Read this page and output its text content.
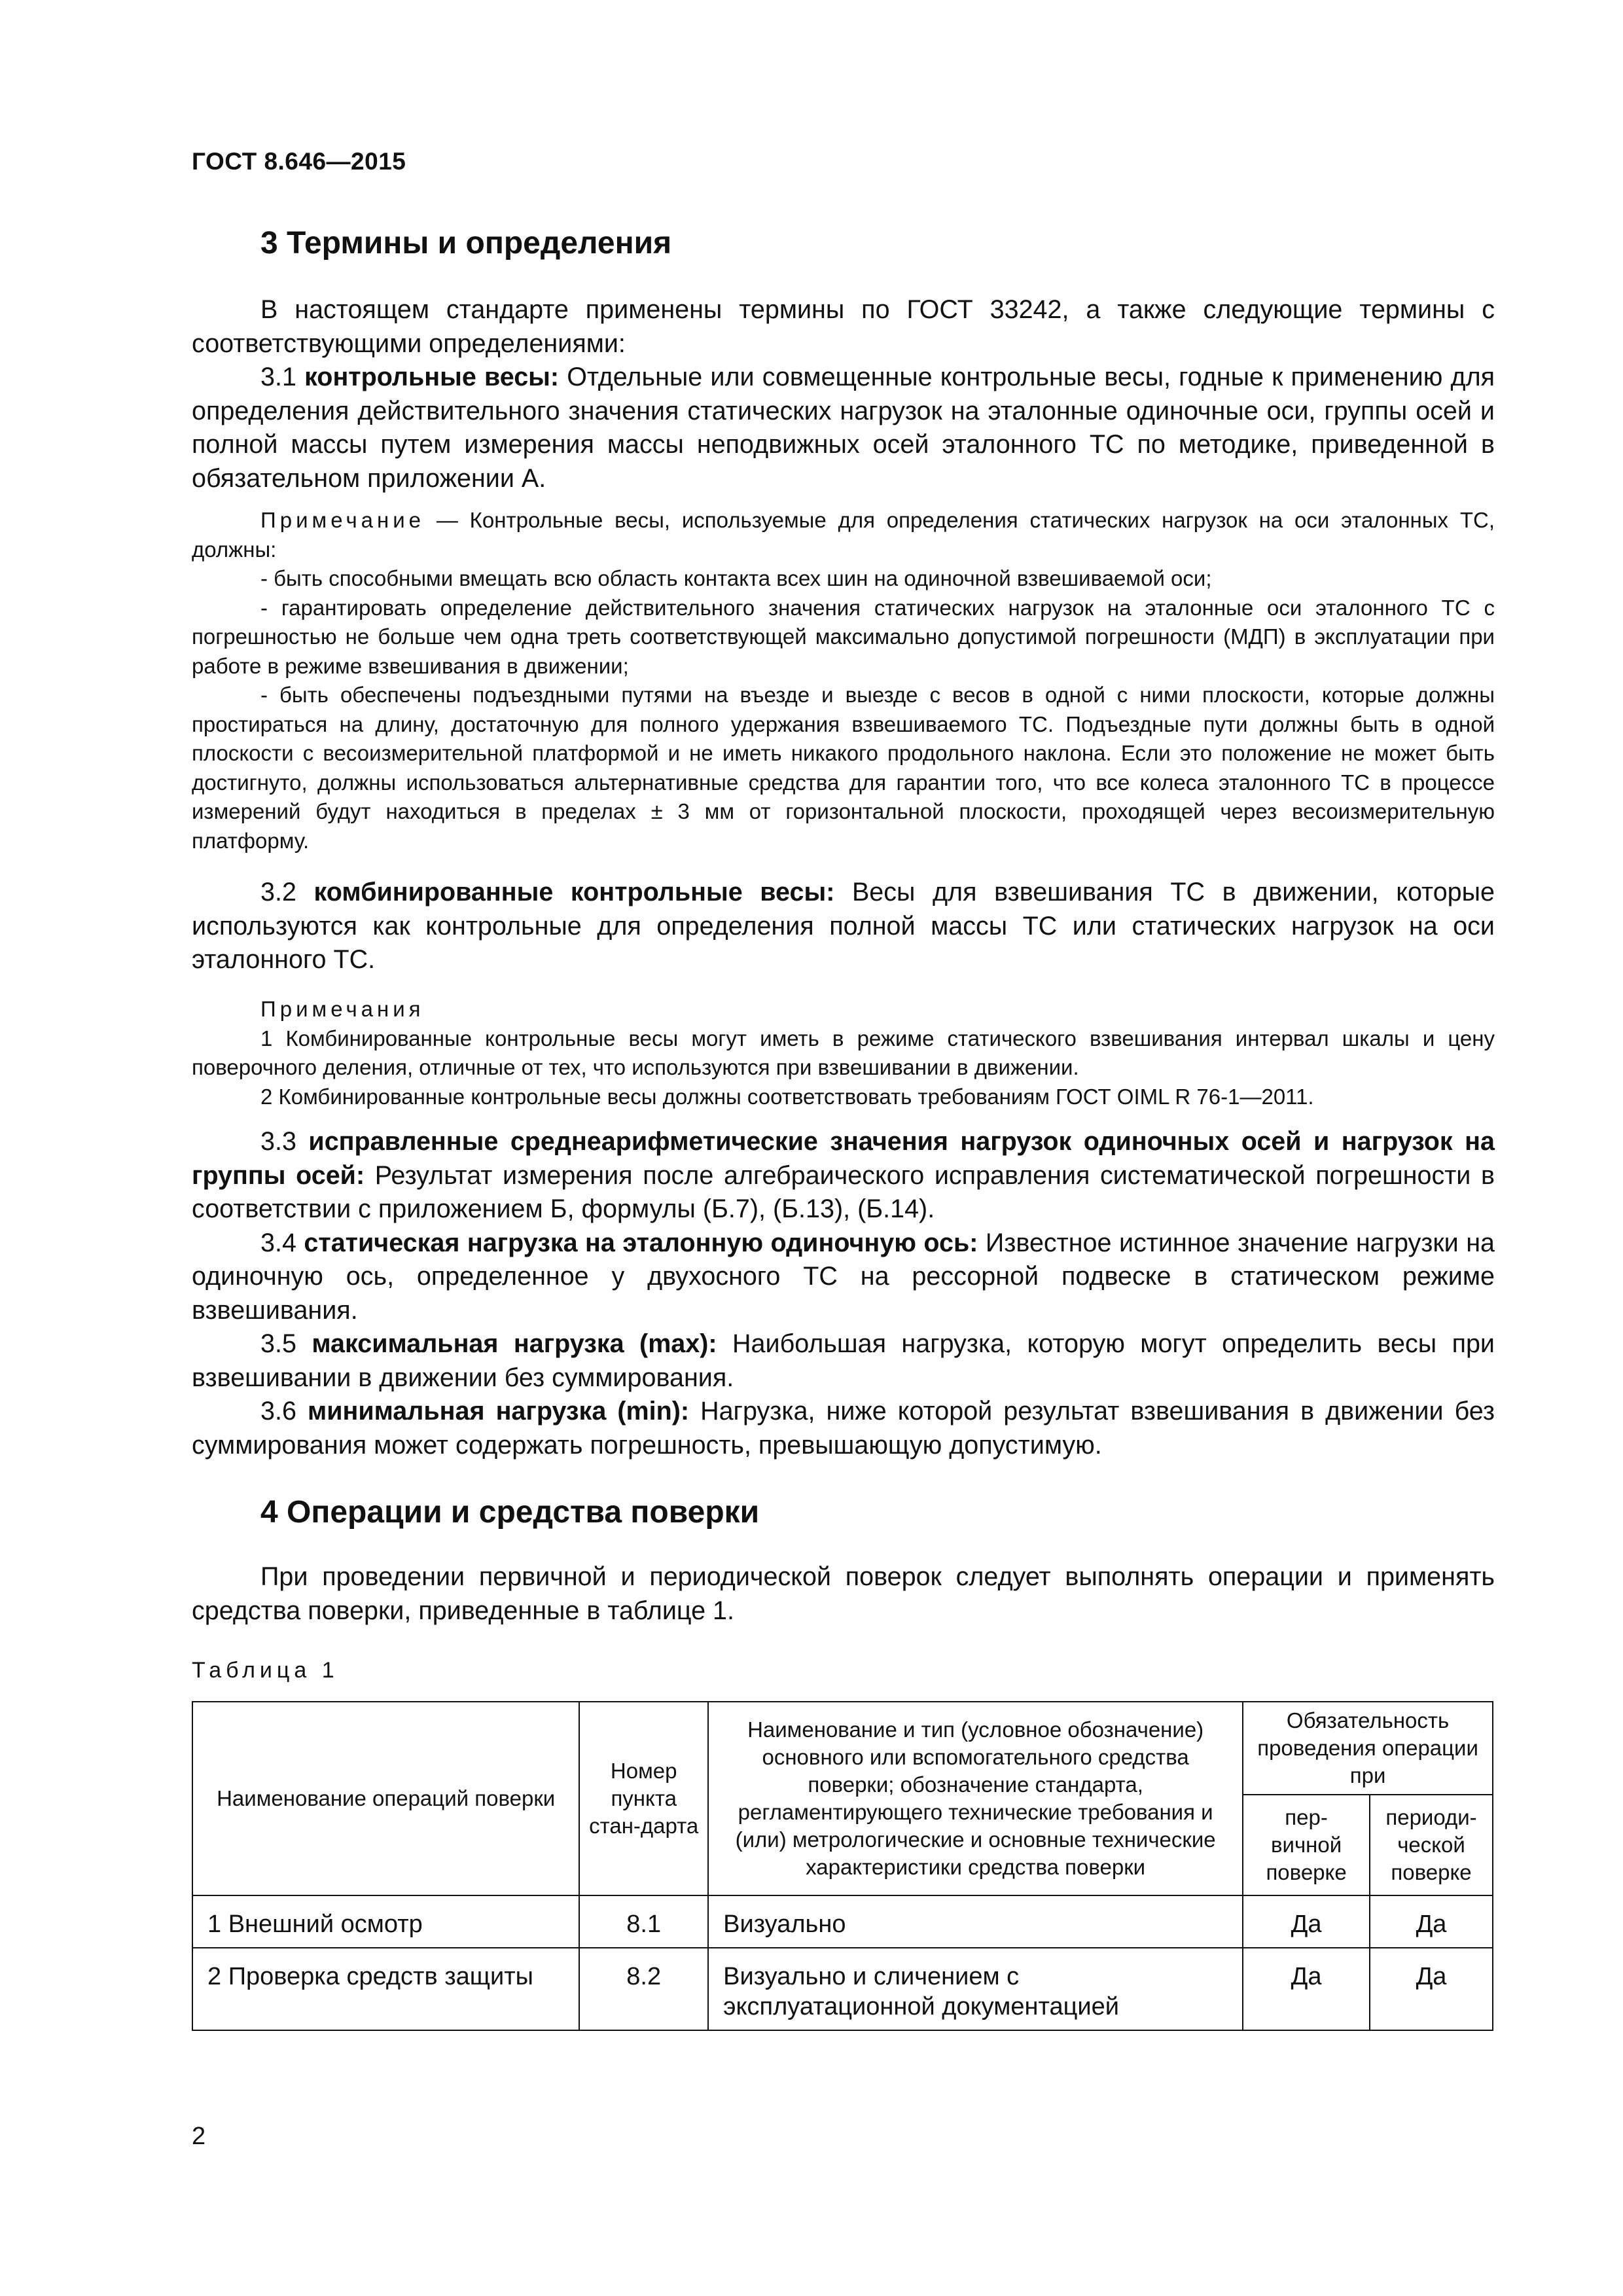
ГОСТ 8.646—2015
3 Термины и определения

В настоящем стандарте применены термины по ГОСТ 33242, а также следующие термины с соответствующими определениями:

3.1 контрольные весы: Отдельные или совмещенные контрольные весы, годные к применению для определения действительного значения статических нагрузок на эталонные одиночные оси, группы осей и полной массы путем измерения массы неподвижных осей эталонного ТС по методике, приведенной в обязательном приложении А.

Примечание — Контрольные весы, используемые для определения статических нагрузок на оси эталонных ТС, должны:

- быть способными вмещать всю область контакта всех шин на одиночной взвешиваемой оси;

- гарантировать определение действительного значения статических нагрузок на эталонные оси эталонного ТС с погрешностью не больше чем одна треть соответствующей максимально допустимой погрешности (МДП) в эксплуатации при работе в режиме взвешивания в движении;

- быть обеспечены подъездными путями на въезде и выезде с весов в одной с ними плоскости, которые должны простираться на длину, достаточную для полного удержания взвешиваемого ТС. Подъездные пути должны быть в одной плоскости с весоизмерительной платформой и не иметь никакого продольного наклона. Если это положение не может быть достигнуто, должны использоваться альтернативные средства для гарантии того, что все колеса эталонного ТС в процессе измерений будут находиться в пределах ± 3 мм от горизонтальной плоскости, проходящей через весоизмерительную платформу.

3.2 комбинированные контрольные весы: Весы для взвешивания ТС в движении, которые используются как контрольные для определения полной массы ТС или статических нагрузок на оси эталонного ТС.

Примечания

1 Комбинированные контрольные весы могут иметь в режиме статического взвешивания интервал шкалы и цену поверочного деления, отличные от тех, что используются при взвешивании в движении.

2 Комбинированные контрольные весы должны соответствовать требованиям ГОСТ OIML R 76-1—2011.

3.3 исправленные среднеарифметические значения нагрузок одиночных осей и нагрузок на группы осей: Результат измерения после алгебраического исправления систематической погрешности в соответствии с приложением Б, формулы (Б.7), (Б.13), (Б.14).

3.4 статическая нагрузка на эталонную одиночную ось: Известное истинное значение нагрузки на одиночную ось, определенное у двухосного ТС на рессорной подвеске в статическом режиме взвешивания.

3.5 максимальная нагрузка (max): Наибольшая нагрузка, которую могут определить весы при взвешивании в движении без суммирования.

3.6 минимальная нагрузка (min): Нагрузка, ниже которой результат взвешивания в движении без суммирования может содержать погрешность, превышающую допустимую.

4 Операции и средства поверки

При проведении первичной и периодической поверок следует выполнять операции и применять средства поверки, приведенные в таблице 1.

Таблица 1
Наименование операций поверки	Номер пункта стан-дарта	Наименование и тип (условное обозначение) основного или вспомогательного средства поверки; обозначение стандарта, регламентирующего технические требования и (или) метрологические и основные технические характеристики средства поверки	Обязательность проведения операции при	
			пер-вичной поверке	периоди-ческой поверке
1 Внешний осмотр	8.1	Визуально	Да	Да
2 Проверка средств защиты	8.2	Визуально и сличением с эксплуатационной документацией	Да	Да
2
